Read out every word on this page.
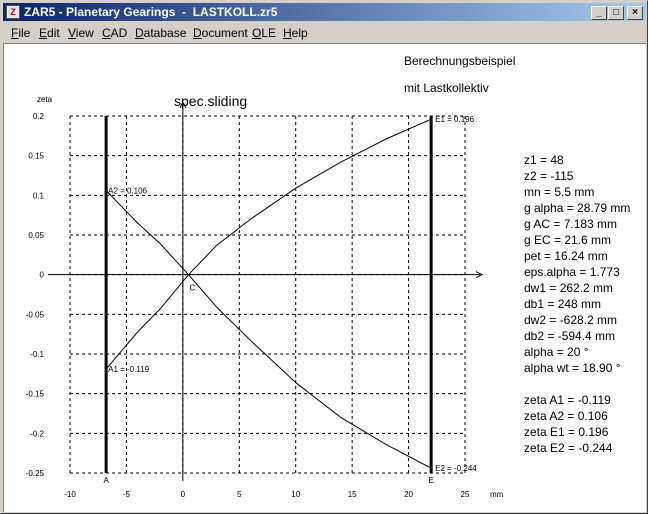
Z ZAR5 - Planetary Gearings  -  LASTKOLL.zr5	_	□	×
File Edit View CAD Database Document OLE Help
Berechnungsbeispiel
mit Lastkollektiv
-10	-5	0	5	10	15	20	25
0.2
0.15
0.1
0.05
0
-0.05
-0.1
-0.15
-0.2
-0.25
zeta
mm
spec.sliding
A
C
E
A1 = -0.119
A2 = 0.106
E1 = 0.196
E2 = -0.244
z1 = 48
z2 = -115
mn = 5.5 mm
g alpha = 28.79 mm
g AC = 7.183 mm
g EC = 21.6 mm
pet = 16.24 mm
eps.alpha = 1.773
dw1 = 262.2 mm
db1 = 248 mm
dw2 = -628.2 mm
db2 = -594.4 mm
alpha = 20 °
alpha wt = 18.90 °

zeta A1 = -0.119
zeta A2 = 0.106
zeta E1 = 0.196
zeta E2 = -0.244
